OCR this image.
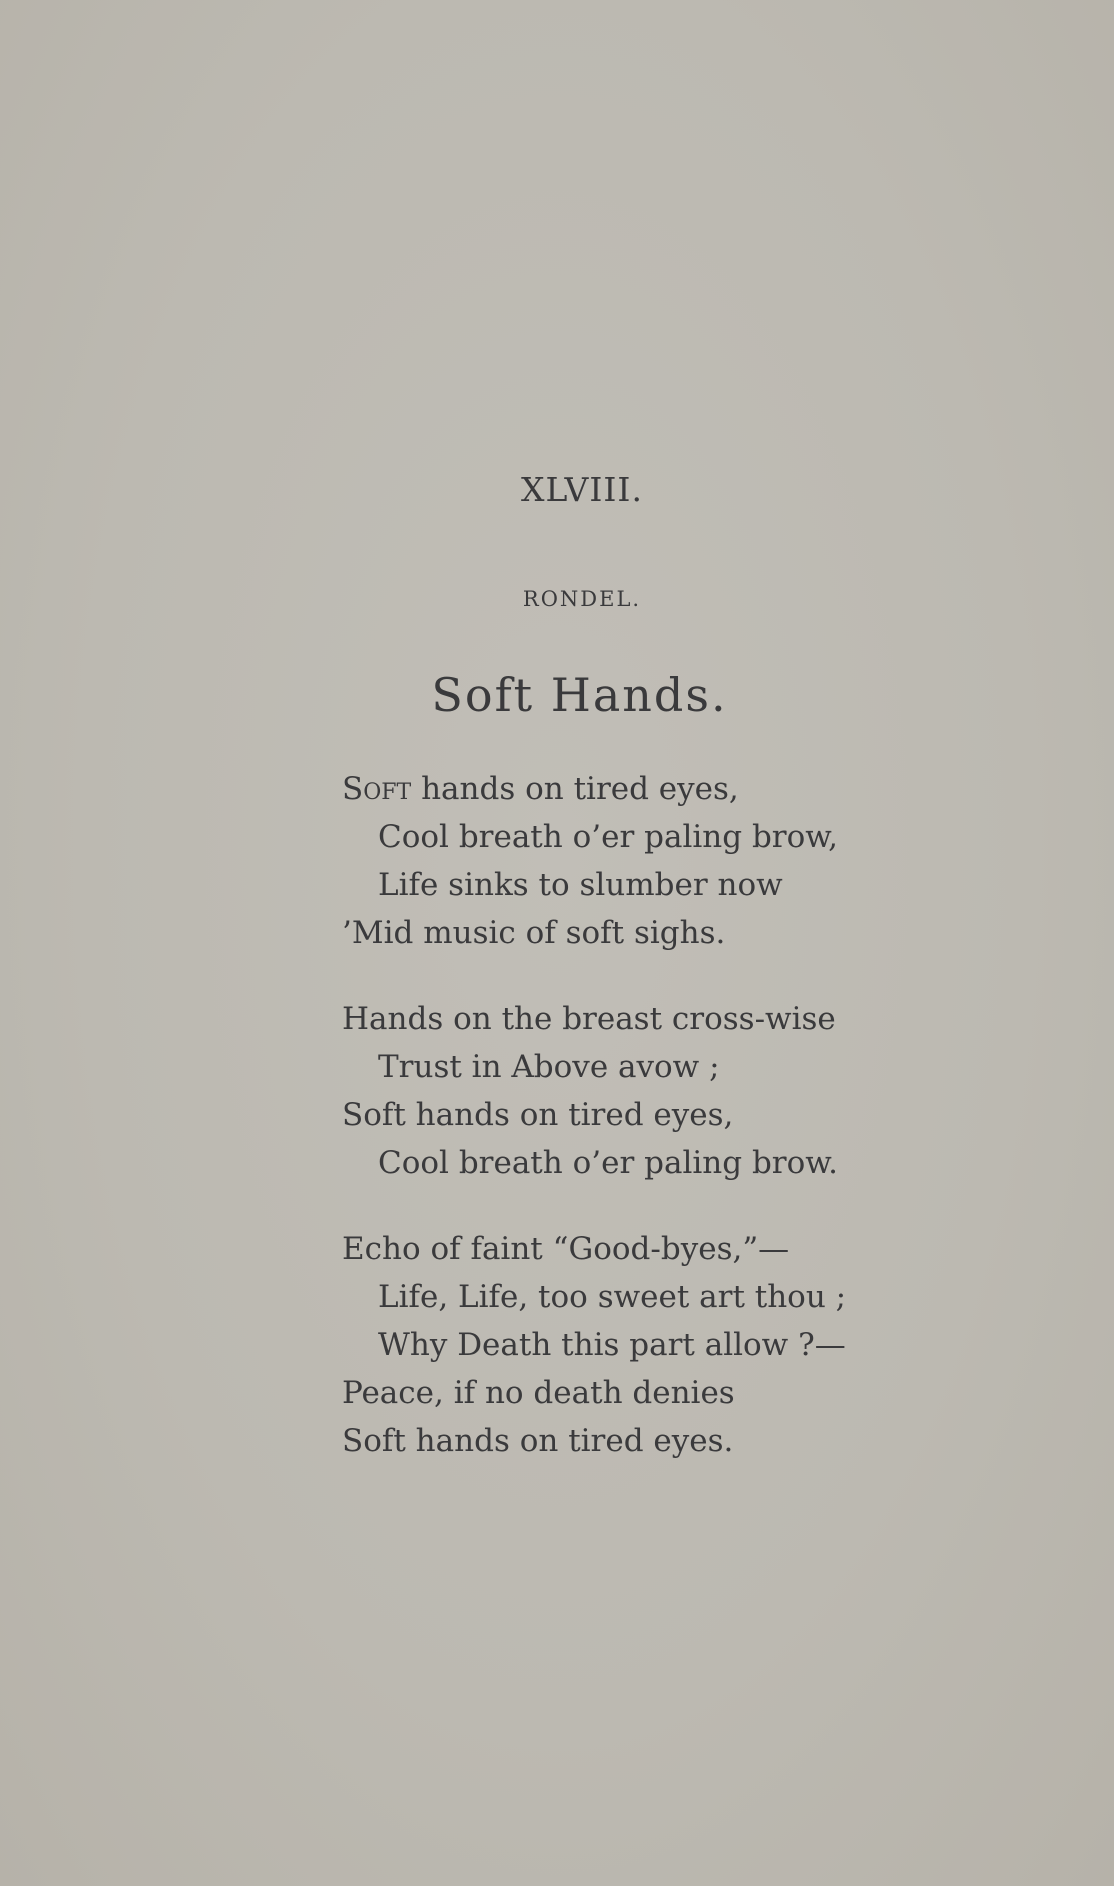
XLVIII.
RONDEL.
Soft Hands.
Soft hands on tired eyes,
Cool breath o’er paling brow,
Life sinks to slumber now
’Mid music of soft sighs.
Hands on the breast cross-wise
Trust in Above avow ;
Soft hands on tired eyes,
Cool breath o’er paling brow.
Echo of faint “Good-byes,”—
Life, Life, too sweet art thou ;
Why Death this part allow ?—
Peace, if no death denies
Soft hands on tired eyes.
